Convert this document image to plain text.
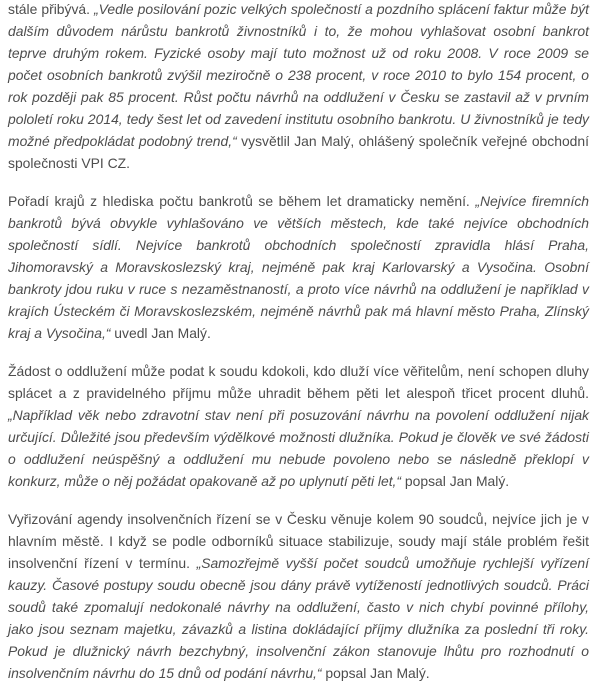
stále přibývá. „Vedle posilování pozic velkých společností a pozdního splácení faktur může být dalším důvodem nárůstu bankrotů živnostníků i to, že mohou vyhlašovat osobní bankrot teprve druhým rokem. Fyzické osoby mají tuto možnost už od roku 2008. V roce 2009 se počet osobních bankrotů zvýšil meziročně o 238 procent, v roce 2010 to bylo 154 procent, o rok později pak 85 procent. Růst počtu návrhů na oddlužení v Česku se zastavil až v prvním pololetí roku 2014, tedy šest let od zavedení institutu osobního bankrotu. U živnostníků je tedy možné předpokládat podobný trend,“ vysvětlil Jan Malý, ohlášený společník veřejné obchodní společnosti VPI CZ.

Pořadí krajů z hlediska počtu bankrotů se během let dramaticky nemění. „Nejvíce firemních bankrotů bývá obvykle vyhlašováno ve větších městech, kde také nejvíce obchodních společností sídlí. Nejvíce bankrotů obchodních společností zpravidla hlásí Praha, Jihomoravský a Moravskoslezský kraj, nejméně pak kraj Karlovarský a Vysočina. Osobní bankroty jdou ruku v ruce s nezaměstnaností, a proto více návrhů na oddlužení je například v krajích Ústeckém či Moravskoslezském, nejméně návrhů pak má hlavní město Praha, Zlínský kraj a Vysočina,“ uvedl Jan Malý.

Žádost o oddlužení může podat k soudu kdokoli, kdo dluží více věřitelům, není schopen dluhy splácet a z pravidelného příjmu může uhradit během pěti let alespoň třicet procent dluhů. „Například věk nebo zdravotní stav není při posuzování návrhu na povolení oddlužení nijak určující. Důležité jsou především výdělkové možnosti dlužníka. Pokud je člověk ve své žádosti o oddlužení neúspěšný a oddlužení mu nebude povoleno nebo se následně překlopí v konkurz, může o něj požádat opakovaně až po uplynutí pěti let,“ popsal Jan Malý.

Vyřizování agendy insolvenčních řízení se v Česku věnuje kolem 90 soudců, nejvíce jich je v hlavním městě. I když se podle odborníků situace stabilizuje, soudy mají stále problém řešit insolvenční řízení v termínu. „Samozřejmě vyšší počet soudců umožňuje rychlejší vyřízení kauzy. Časové postupy soudu obecně jsou dány právě vytížeností jednotlivých soudců. Práci soudů také zpomalují nedokonalé návrhy na oddlužení, často v nich chybí povinné přílohy, jako jsou seznam majetku, závazků a listina dokládající příjmy dlužníka za poslední tři roky. Pokud je dlužnický návrh bezchybný, insolvenční zákon stanovuje lhůtu pro rozhodnutí o insolvenčním návrhu do 15 dnů od podání návrhu,“ popsal Jan Malý.
